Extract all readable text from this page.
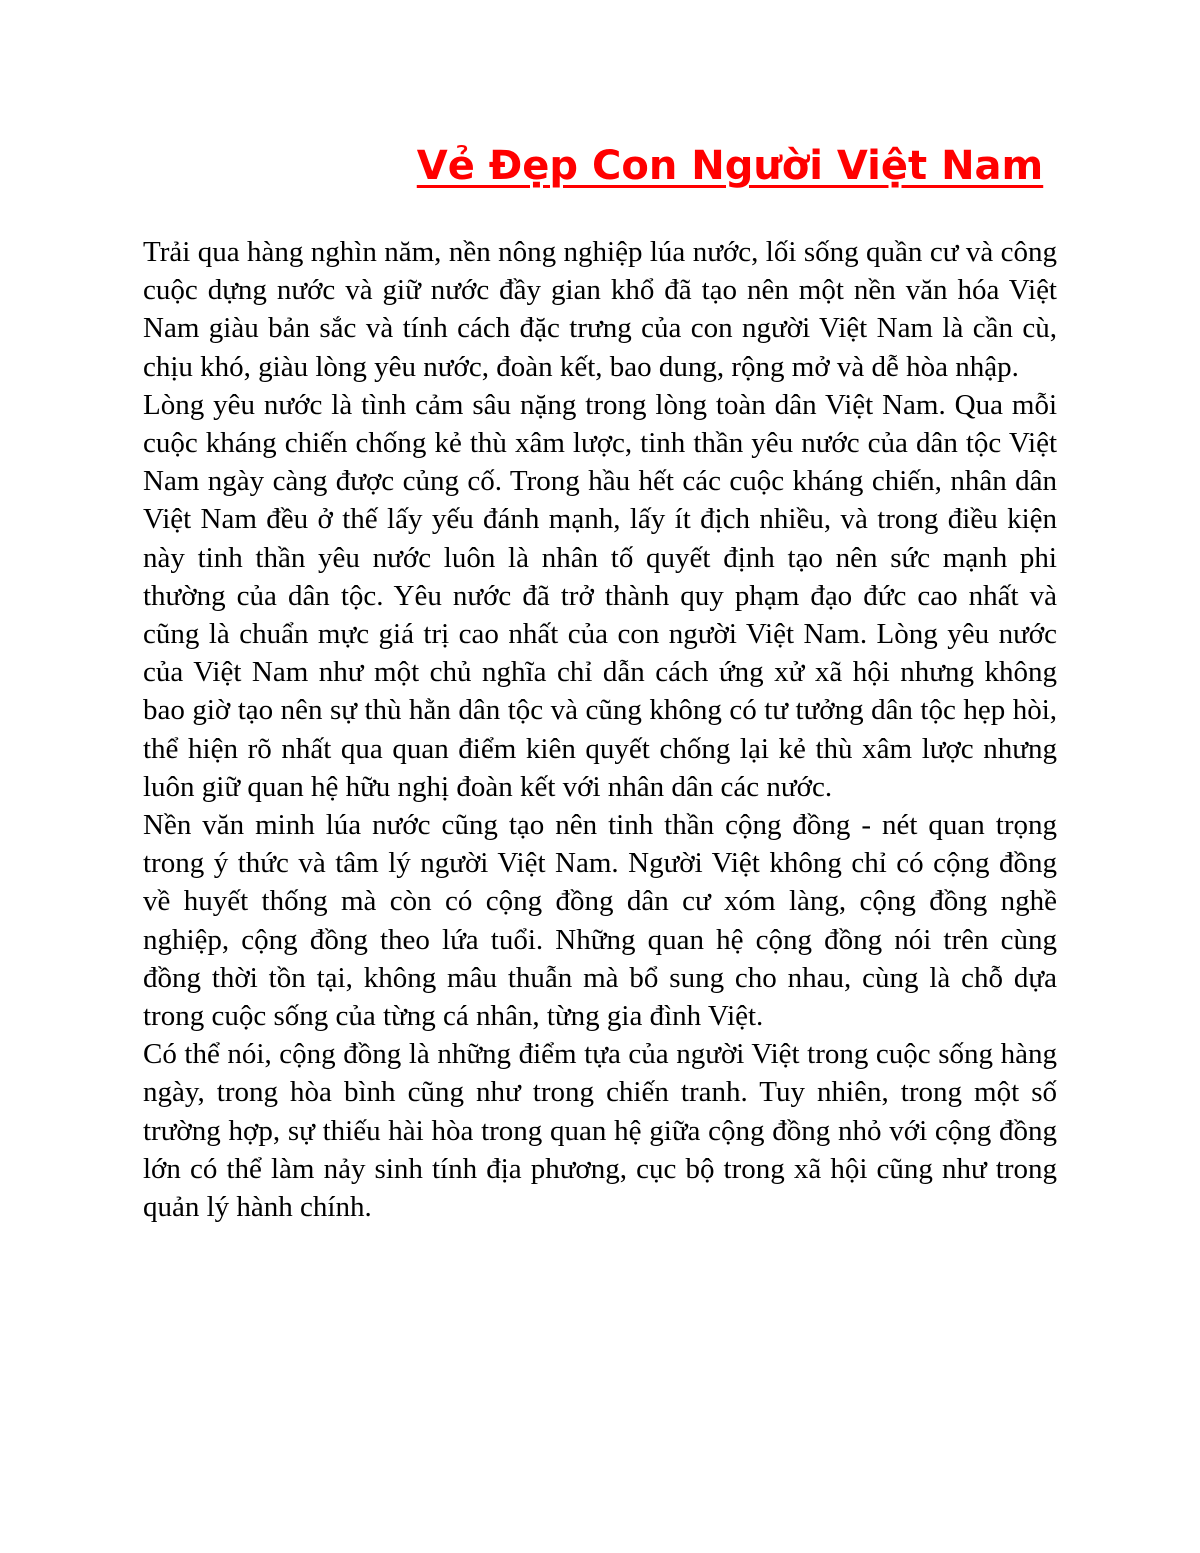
Vẻ Đẹp Con Người Việt Nam

Trải qua hàng nghìn năm, nền nông nghiệp lúa nước, lối sống quần cư và công cuộc dựng nước và giữ nước đầy gian khổ đã tạo nên một nền văn hóa Việt Nam giàu bản sắc và tính cách đặc trưng của con người Việt Nam là cần cù, chịu khó, giàu lòng yêu nước, đoàn kết, bao dung, rộng mở và dễ hòa nhập.

Lòng yêu nước là tình cảm sâu nặng trong lòng toàn dân Việt Nam. Qua mỗi cuộc kháng chiến chống kẻ thù xâm lược, tinh thần yêu nước của dân tộc Việt Nam ngày càng được củng cố. Trong hầu hết các cuộc kháng chiến, nhân dân Việt Nam đều ở thế lấy yếu đánh mạnh, lấy ít địch nhiều, và trong điều kiện này tinh thần yêu nước luôn là nhân tố quyết định tạo nên sức mạnh phi thường của dân tộc. Yêu nước đã trở thành quy phạm đạo đức cao nhất và cũng là chuẩn mực giá trị cao nhất của con người Việt Nam. Lòng yêu nước của Việt Nam như một chủ nghĩa chỉ dẫn cách ứng xử xã hội nhưng không bao giờ tạo nên sự thù hằn dân tộc và cũng không có tư tưởng dân tộc hẹp hòi, thể hiện rõ nhất qua quan điểm kiên quyết chống lại kẻ thù xâm lược nhưng luôn giữ quan hệ hữu nghị đoàn kết với nhân dân các nước.

Nền văn minh lúa nước cũng tạo nên tinh thần cộng đồng - nét quan trọng trong ý thức và tâm lý người Việt Nam. Người Việt không chỉ có cộng đồng về huyết thống mà còn có cộng đồng dân cư xóm làng, cộng đồng nghề nghiệp, cộng đồng theo lứa tuổi. Những quan hệ cộng đồng nói trên cùng đồng thời tồn tại, không mâu thuẫn mà bổ sung cho nhau, cùng là chỗ dựa trong cuộc sống của từng cá nhân, từng gia đình Việt.

Có thể nói, cộng đồng là những điểm tựa của người Việt trong cuộc sống hàng ngày, trong hòa bình cũng như trong chiến tranh. Tuy nhiên, trong một số trường hợp, sự thiếu hài hòa trong quan hệ giữa cộng đồng nhỏ với cộng đồng lớn có thể làm nảy sinh tính địa phương, cục bộ trong xã hội cũng như trong quản lý hành chính.
